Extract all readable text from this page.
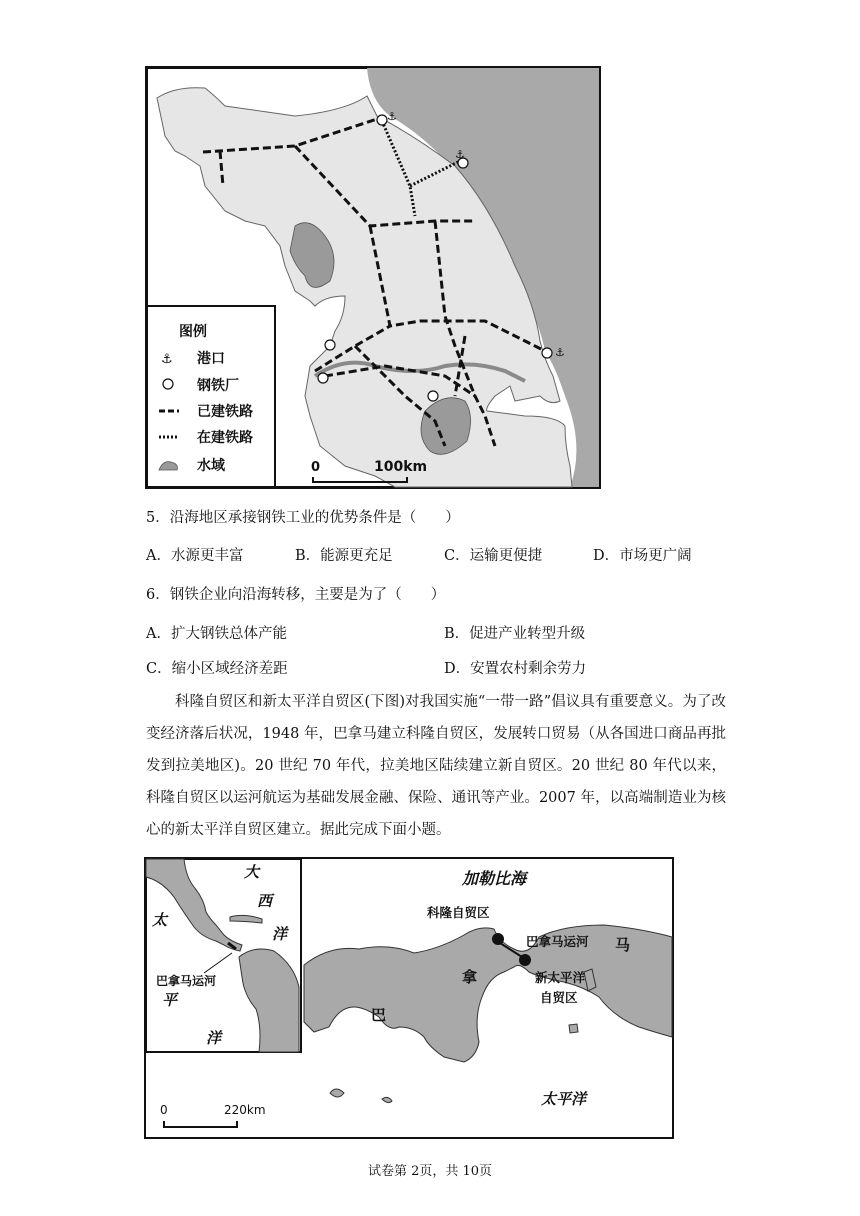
⚓
⚓
⚓
图例
⚓ 港口
钢铁厂
已建铁路
在建铁路
水域	0	100km
5．沿海地区承接钢铁工业的优势条件是（　　）
A．水源更丰富	B．能源更充足	C．运输更便捷	D．市场更广阔
6．钢铁企业向沿海转移，主要是为了（　　）
A．扩大钢铁总体产能	B．促进产业转型升级
C．缩小区域经济差距	D．安置农村剩余劳力
科隆自贸区和新太平洋自贸区(下图)对我国实施“一带一路”倡议具有重要意义。为了改变经济落后状况，1948 年，巴拿马建立科隆自贸区，发展转口贸易（从各国进口商品再批发到拉美地区)。20 世纪 70 年代，拉美地区陆续建立新自贸区。20 世纪 80 年代以来，科隆自贸区以运河航运为基础发展金融、保险、通讯等产业。2007 年，以高端制造业为核心的新太平洋自贸区建立。据此完成下面小题。
加勒比海
科隆自贸区
巴拿马运河
新太平洋
自贸区
巴
拿
马
太平洋
0	220km
大
西
洋
太
巴拿马运河
平
洋
试卷第 2页，共 10页
